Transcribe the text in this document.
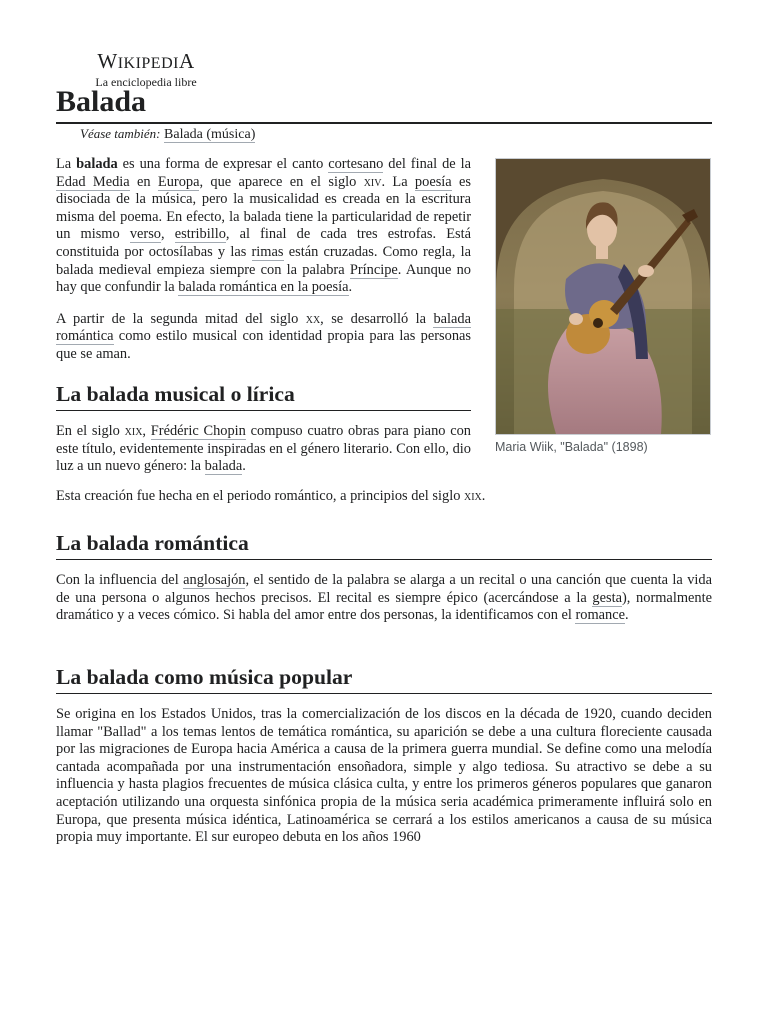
WIKIPEDIA
La enciclopedia libre
Balada
Véase también: Balada (música)

La balada es una forma de expresar el canto cortesano del final de la Edad Media en Europa, que aparece en el siglo xiv. La poesía es disociada de la música, pero la musicalidad es creada en la escritura misma del poema. En efecto, la balada tiene la particularidad de repetir un mismo verso, estribillo, al final de cada tres estrofas. Está constituida por octosílabas y las rimas están cruzadas. Como regla, la balada medieval empieza siempre con la palabra Príncipe. Aunque no hay que confundir la balada romántica en la poesía.

A partir de la segunda mitad del siglo xx, se desarrolló la balada romántica como estilo musical con identidad propia para las personas que se aman.

Maria Wiik, "Balada" (1898)
La balada musical o lírica

En el siglo xix, Frédéric Chopin compuso cuatro obras para piano con este título, evidentemente inspiradas en el género literario. Con ello, dio luz a un nuevo género: la balada.

Esta creación fue hecha en el periodo romántico, a principios del siglo xix.

La balada romántica

Con la influencia del anglosajón, el sentido de la palabra se alarga a un recital o una canción que cuenta la vida de una persona o algunos hechos precisos. El recital es siempre épico (acercándose a la gesta), normalmente dramático y a veces cómico. Si habla del amor entre dos personas, la identificamos con el romance.

La balada como música popular

Se origina en los Estados Unidos, tras la comercialización de los discos en la década de 1920, cuando deciden llamar "Ballad" a los temas lentos de temática romántica, su aparición se debe a una cultura floreciente causada por las migraciones de Europa hacia América a causa de la primera guerra mundial. Se define como una melodía cantada acompañada por una instrumentación ensoñadora, simple y algo tediosa. Su atractivo se debe a su influencia y hasta plagios frecuentes de música clásica culta, y entre los primeros géneros populares que ganaron aceptación utilizando una orquesta sinfónica propia de la música seria académica primeramente influirá solo en Europa, que presenta música idéntica, Latinoamérica se cerrará a los estilos americanos a causa de su música propia muy importante. El sur europeo debuta en los años 1960
